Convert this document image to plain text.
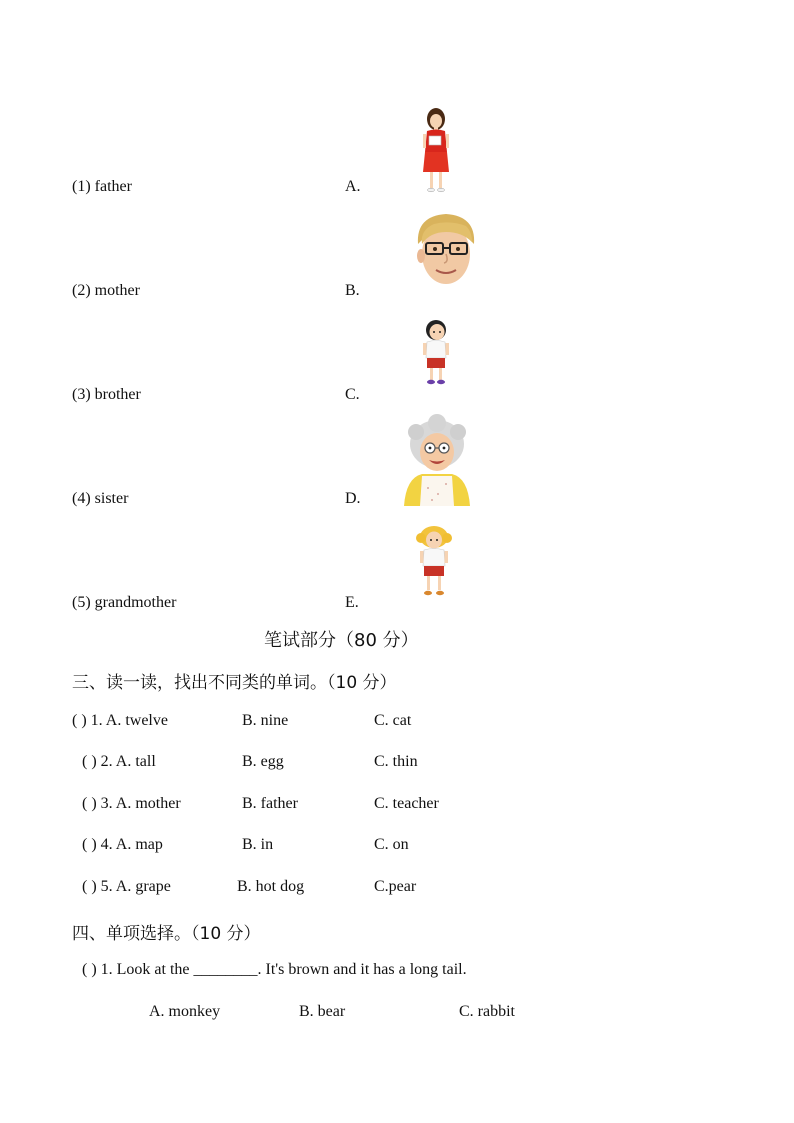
(1) father	A.
(2) mother	B.
(3) brother	C.
(4) sister	D.
(5) grandmother	E.
笔试部分（80 分）
三、读一读，找出不同类的单词。（10 分）
( ) 1. A. twelve	B. nine	C. cat
( ) 2. A. tall	B. egg	C. thin
( ) 3. A. mother	B. father	C. teacher
( ) 4. A. map	B. in	C. on
( ) 5. A. grape	B. hot dog	C.pear
四、单项选择。（10 分）
( ) 1. Look at the ________. It's brown and it has a long tail.
A. monkey	B. bear	C. rabbit
